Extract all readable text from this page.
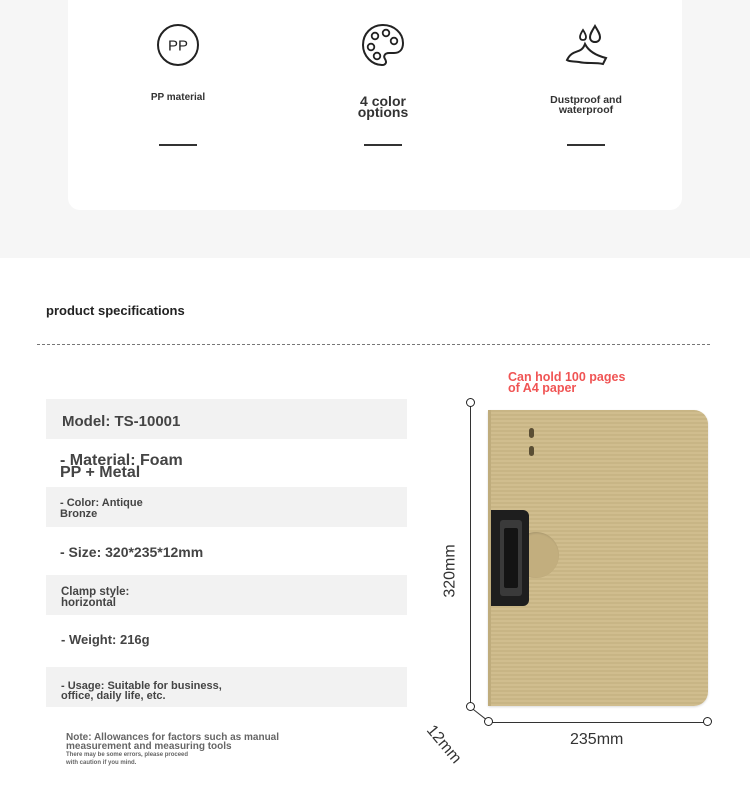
PP
PP material	4 color
options
Dustproof and
waterproof
product specifications
Model: TS-10001
- Material: Foam
PP + Metal
- Color: Antique
Bronze
- Size: 320*235*12mm
Clamp style:
horizontal
- Weight: 216g
- Usage: Suitable for business,
office, daily life, etc.
Note: Allowances for factors such as manual
measurement and measuring tools
There may be some errors, please proceed
with caution if you mind.
Can hold 100 pages
of A4 paper
320mm
235mm
12mm
